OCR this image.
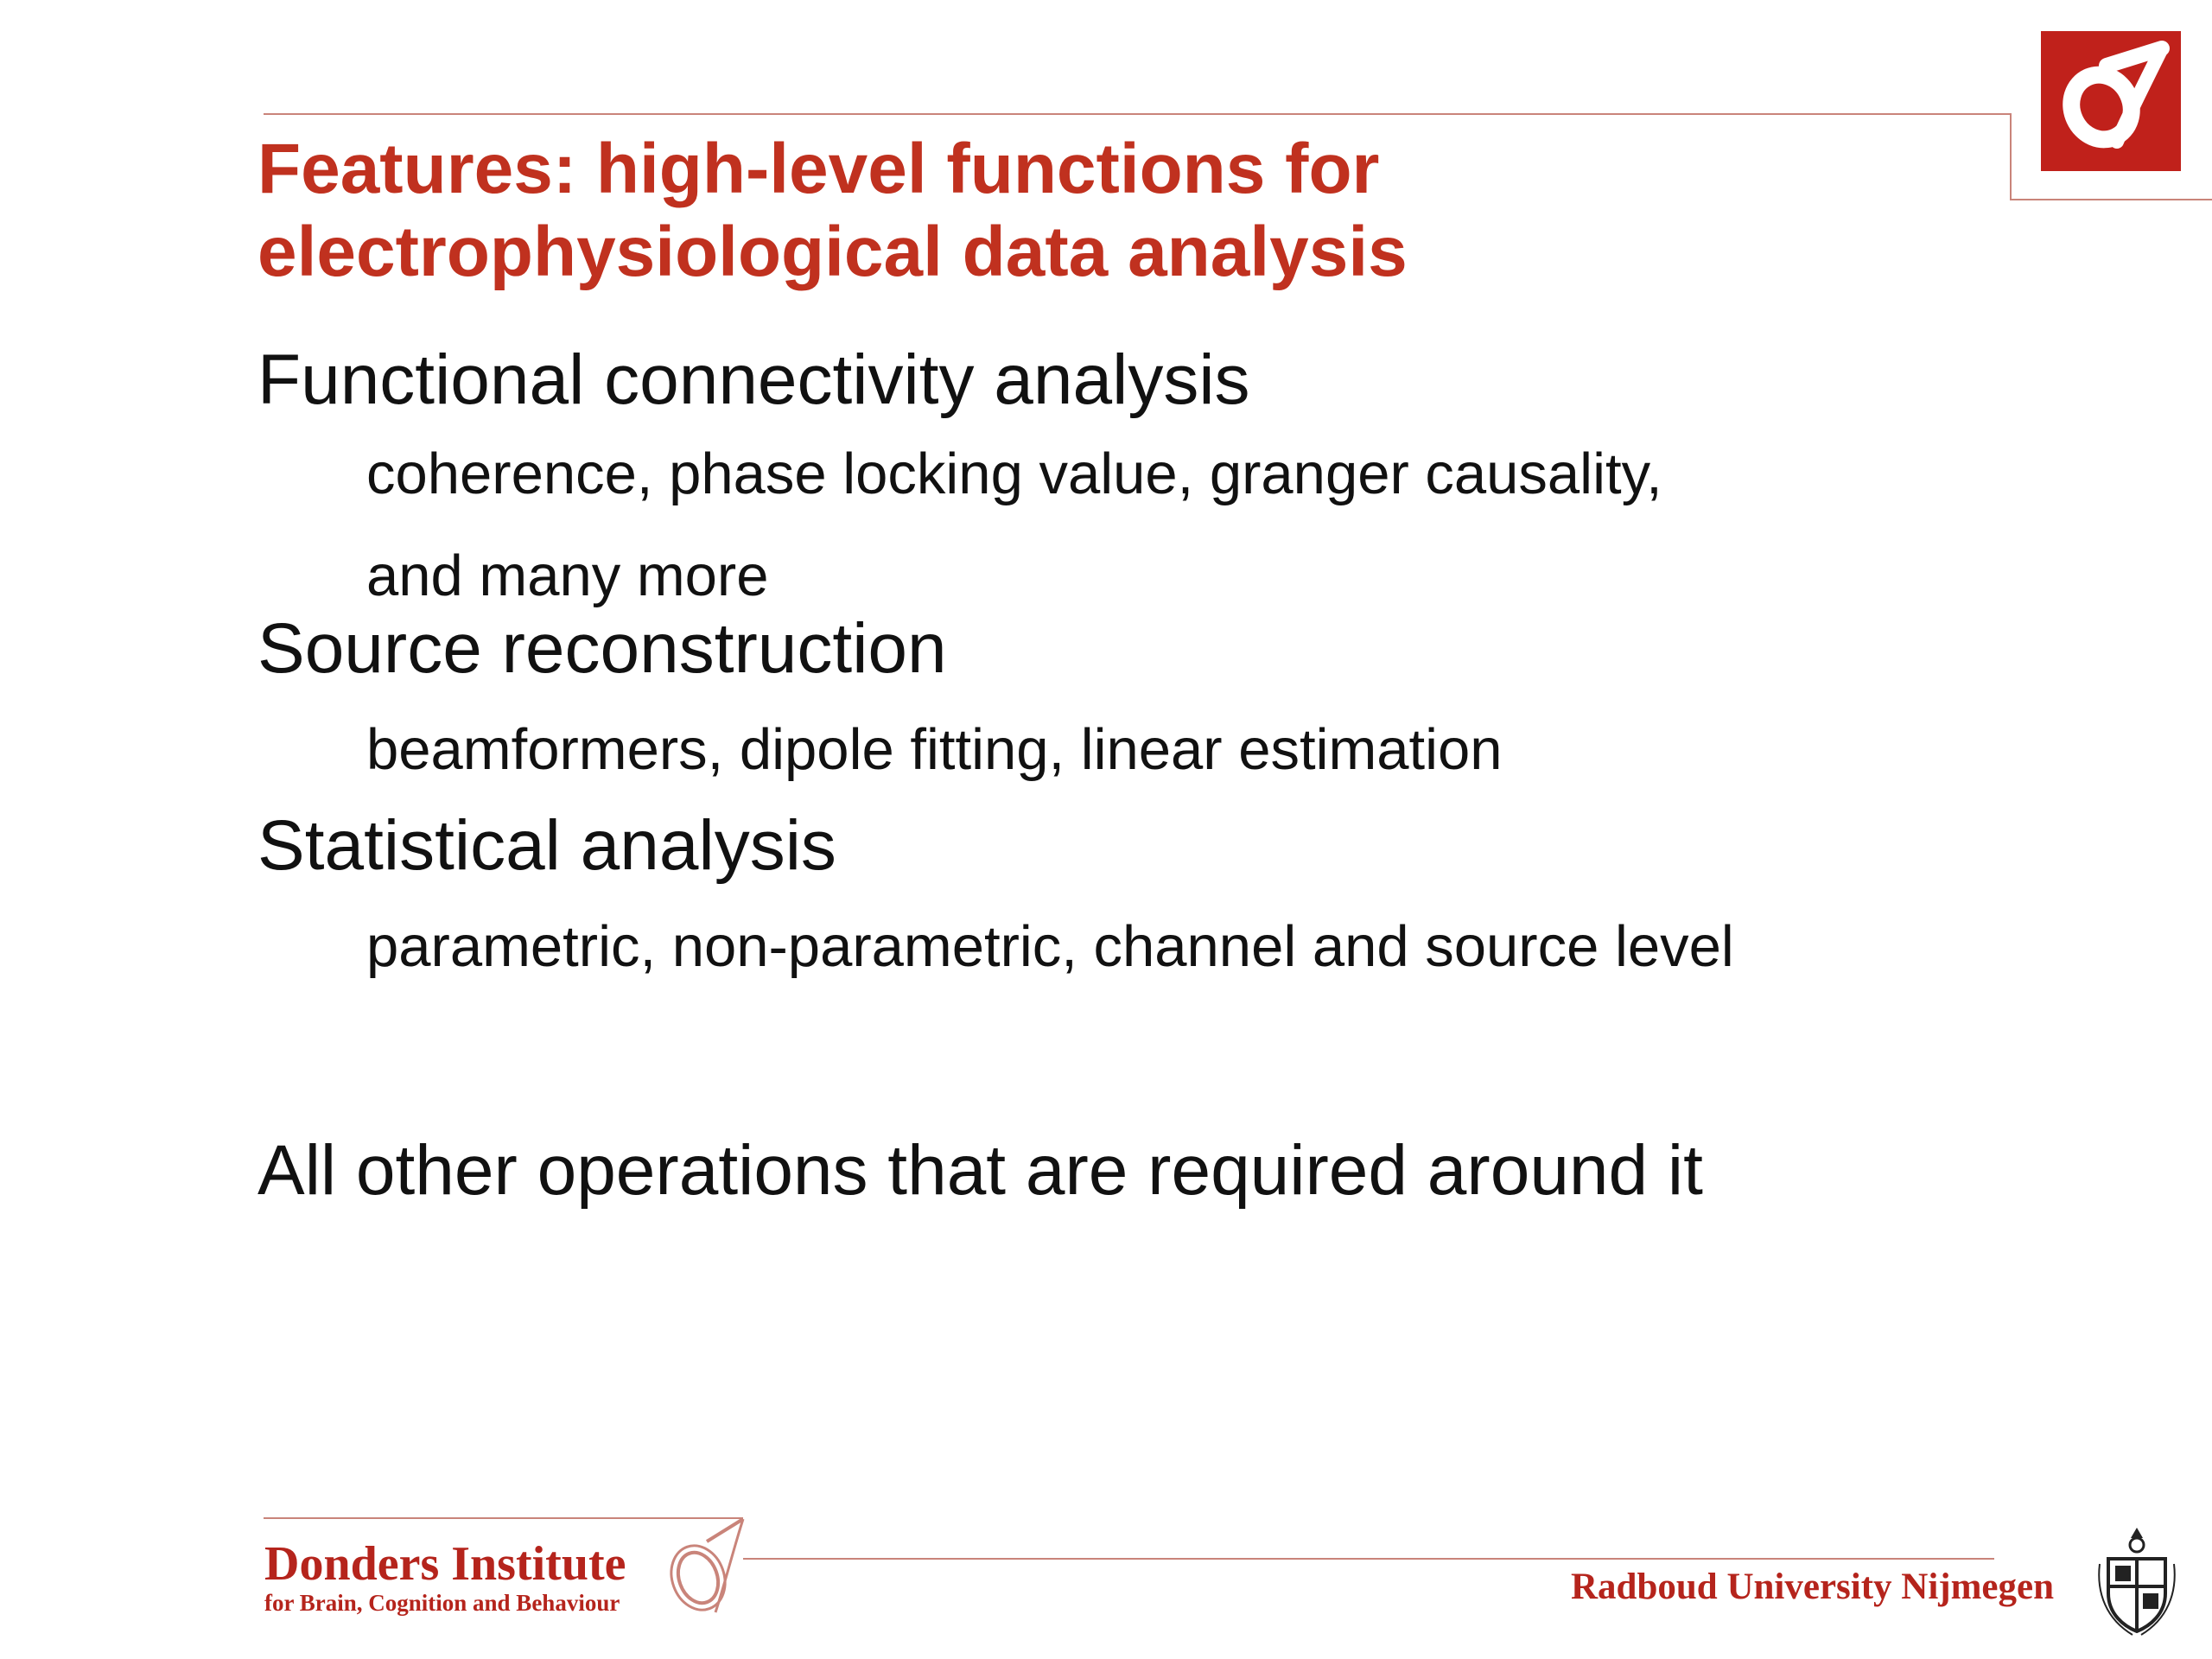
Features: high-level functions for
electrophysiological data analysis

Functional connectivity analysis

coherence, phase locking value, granger causality,

and many more

Source reconstruction

beamformers, dipole fitting, linear estimation

Statistical analysis

parametric, non-parametric, channel and source level

All other operations that are required around it

Donders Institute
for Brain, Cognition and Behaviour	Radboud University Nijmegen
